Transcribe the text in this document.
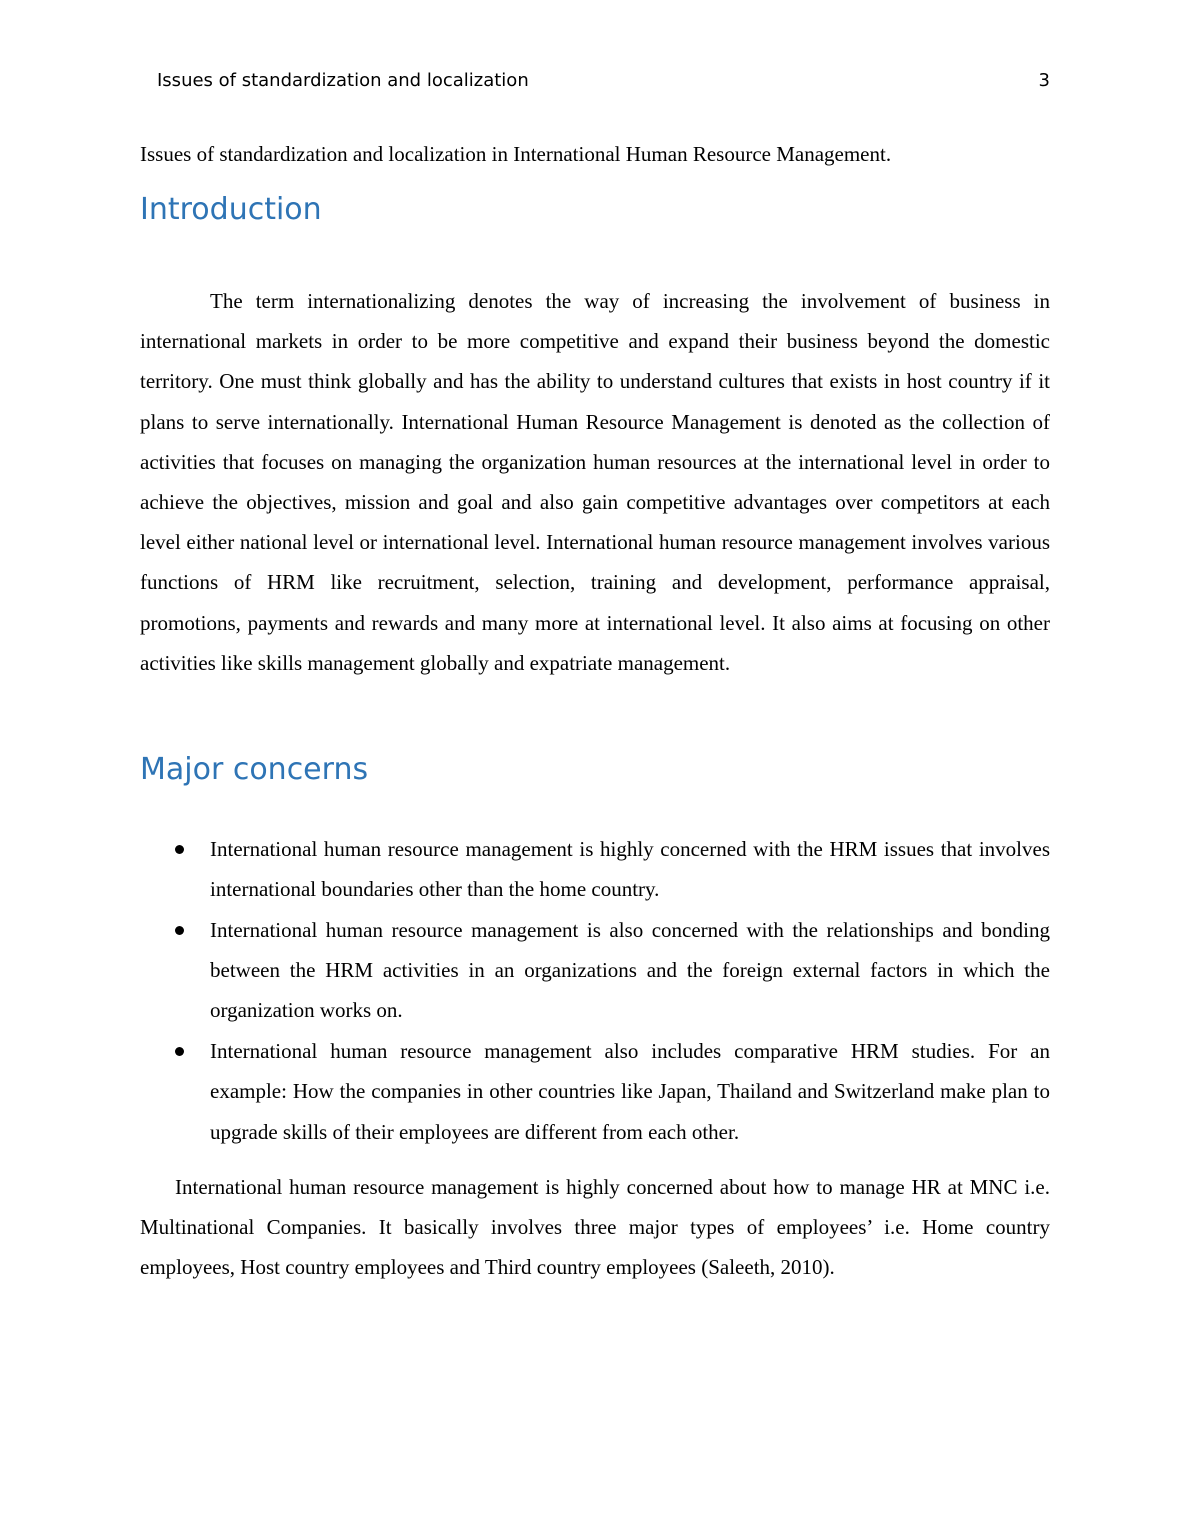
Issues of standardization and localization	3
Issues of standardization and localization in International Human Resource Management.
Introduction

The term internationalizing denotes the way of increasing the involvement of business in international markets in order to be more competitive and expand their business beyond the domestic territory. One must think globally and has the ability to understand cultures that exists in host country if it plans to serve internationally. International Human Resource Management is denoted as the collection of activities that focuses on managing the organization human resources at the international level in order to achieve the objectives, mission and goal and also gain competitive advantages over competitors at each level either national level or international level. International human resource management involves various functions of HRM like recruitment, selection, training and development, performance appraisal, promotions, payments and rewards and many more at international level. It also aims at focusing on other activities like skills management globally and expatriate management.

Major concerns
International human resource management is highly concerned with the HRM issues that involves international boundaries other than the home country.
International human resource management is also concerned with the relationships and bonding between the HRM activities in an organizations and the foreign external factors in which the organization works on.
International human resource management also includes comparative HRM studies. For an example: How the companies in other countries like Japan, Thailand and Switzerland make plan to upgrade skills of their employees are different from each other.

International human resource management is highly concerned about how to manage HR at MNC i.e. Multinational Companies. It basically involves three major types of employees’ i.e. Home country employees, Host country employees and Third country employees (Saleeth, 2010).
